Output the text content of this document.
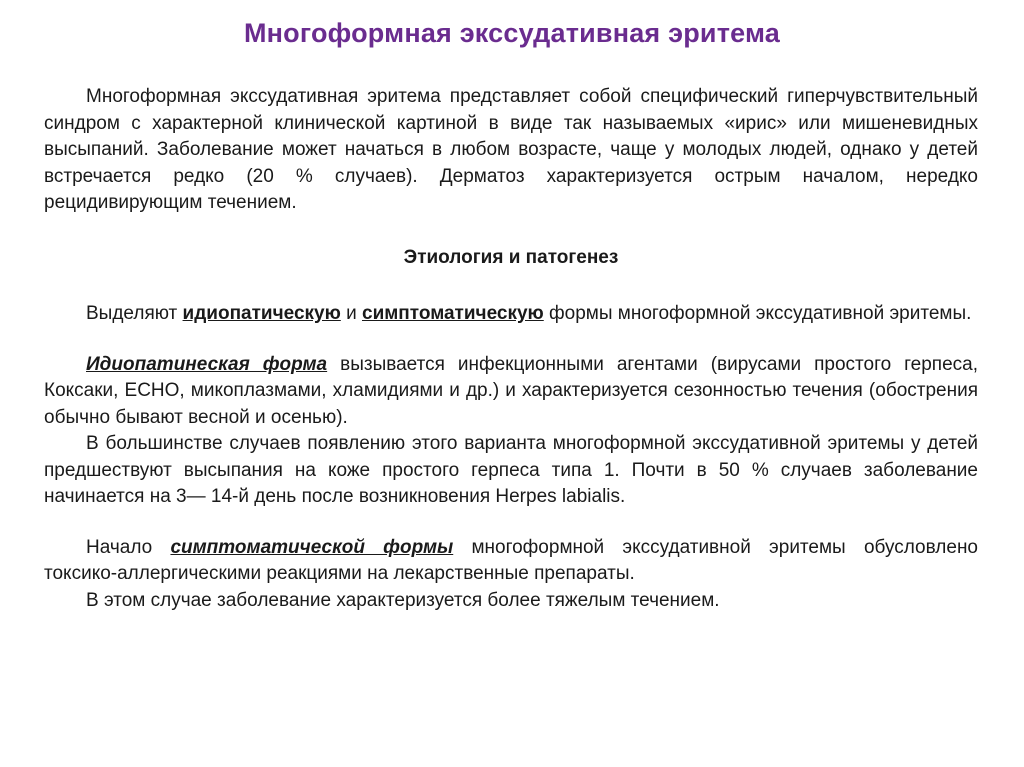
Многоформная экссудативная эритема

Многоформная экссудативная эритема представляет собой специфический гиперчувствительный синдром с характерной клинической картиной в виде так называемых «ирис» или мишеневидных высыпаний. Заболевание может начаться в любом возрасте, чаще у молодых людей, однако у детей встречается редко (20 % случаев). Дерматоз характеризуется острым началом, нередко рецидивирующим течением.

Этиология и патогенез

Выделяют идиопатическую и симптоматическую формы многоформной экссудативной эритемы.

Идиопатинеская форма вызывается инфекционными агентами (вирусами простого герпеса, Коксаки, ЕСНО, микоплазмами, хламидиями и др.) и характеризуется сезонностью течения (обострения обычно бывают весной и осенью).

В большинстве случаев появлению этого варианта многоформной экссудативной эритемы у детей предшествуют высыпания на коже простого герпеса типа 1. Почти в 50 % случаев заболевание начинается на 3— 14-й день после возникновения Herpes labialis.

Начало симптоматической формы многоформной экссудативной эритемы обусловлено токсико-аллергическими реакциями на лекарственные препараты.

В этом случае заболевание характеризуется более тяжелым течением.
